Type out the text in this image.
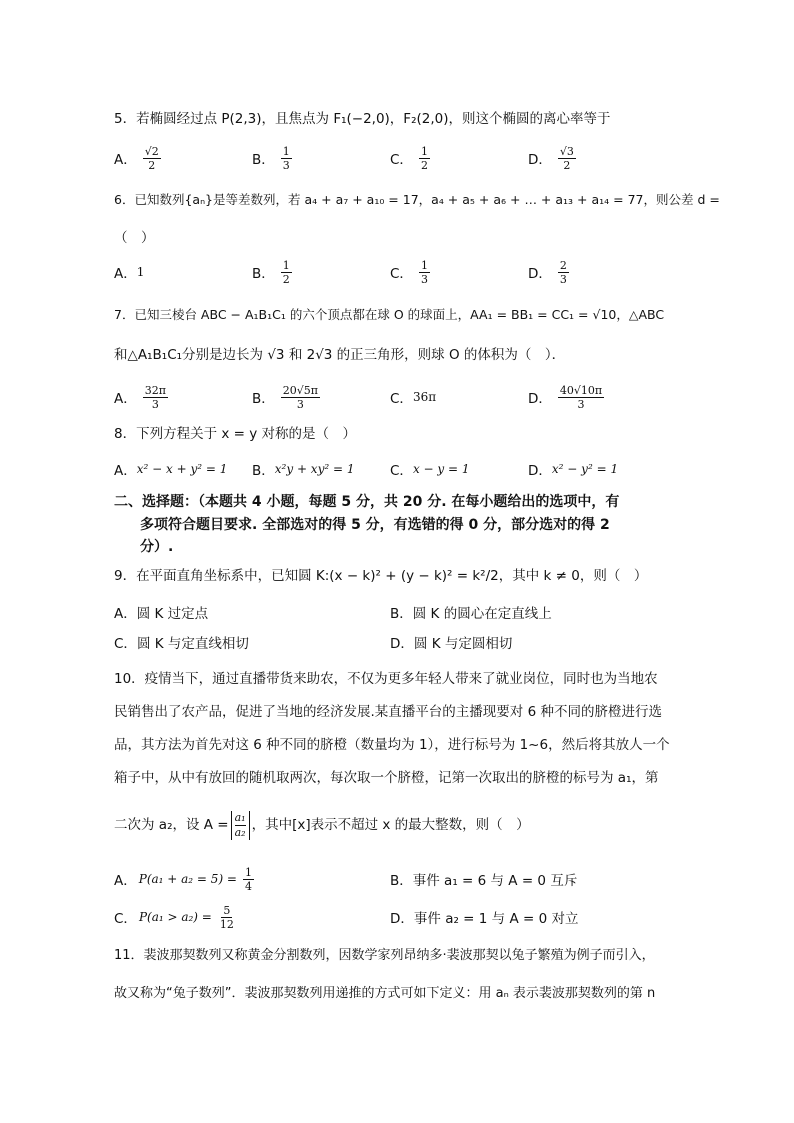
5．若椭圆经过点 P(2,3)，且焦点为 F₁(−2,0)，F₂(2,0)，则这个椭圆的离心率等于
A． $\frac{√2}{2}$	B． $\frac{1}{3}$	C． $\frac{1}{2}$	D． $\frac{√3}{2}$
6．已知数列{aₙ}是等差数列，若 a₄ + a₇ + a₁₀ = 17，a₄ + a₅ + a₆ + … + a₁₃ + a₁₄ = 77，则公差 d =
（　）
A． 1	B． $\frac{1}{2}$	C． $\frac{1}{3}$	D． $\frac{2}{3}$
7．已知三棱台 ABC − A₁B₁C₁ 的六个顶点都在球 O 的球面上，AA₁ = BB₁ = CC₁ = √10，△ABC
和△A₁B₁C₁分别是边长为 √3 和 2√3 的正三角形，则球 O 的体积为（　）．
A． $\frac{32\pi}{3}$	B． $\frac{20√5\pi}{3}$	C． 36π	D． $\frac{40√10\pi}{3}$
8．下列方程关于 x = y 对称的是（　）
A． x² − x + y² = 1 B． x²y + xy² = 1	C． x − y = 1	D． x² − y² = 1
二、选择题：（本题共 4 小题，每题 5 分，共 20 分. 在每小题给出的选项中，有
多项符合题目要求. 全部选对的得 5 分，有选错的得 0 分，部分选对的得 2
分）.
9．在平面直角坐标系中，已知圆 K:(x − k)² + (y − k)² = k²/2，其中 k ≠ 0，则（　）
A． 圆 K 过定点	B． 圆 K 的圆心在定直线上
C． 圆 K 与定直线相切	D． 圆 K 与定圆相切
10．疫情当下，通过直播带货来助农，不仅为更多年轻人带来了就业岗位，同时也为当地农
民销售出了农产品，促进了当地的经济发展.某直播平台的主播现要对 6 种不同的脐橙进行选
品，其方法为首先对这 6 种不同的脐橙（数量均为 1），进行标号为 1~6，然后将其放人一个
箱子中，从中有放回的随机取两次，每次取一个脐橙，记第一次取出的脐橙的标号为 a₁，第
二次为 a₂，设 $A = \frac{\text{a₁}}{\text{a₂}}$ ，其中[x]表示不超过 x 的最大整数，则（　）
A． $P(a_1 + a_2 = 5) = \frac{1}{4}$	B． 事件 a₁ = 6 与 A = 0 互斥
C． $P(a_1 > a_2) = \frac{5}{12}$	D． 事件 a₂ = 1 与 A = 0 对立
11．裴波那契数列又称黄金分割数列，因数学家列昂纳多·裴波那契以兔子繁殖为例子而引入，
故又称为“兔子数列”．裴波那契数列用递推的方式可如下定义：用 aₙ 表示裴波那契数列的第 n
